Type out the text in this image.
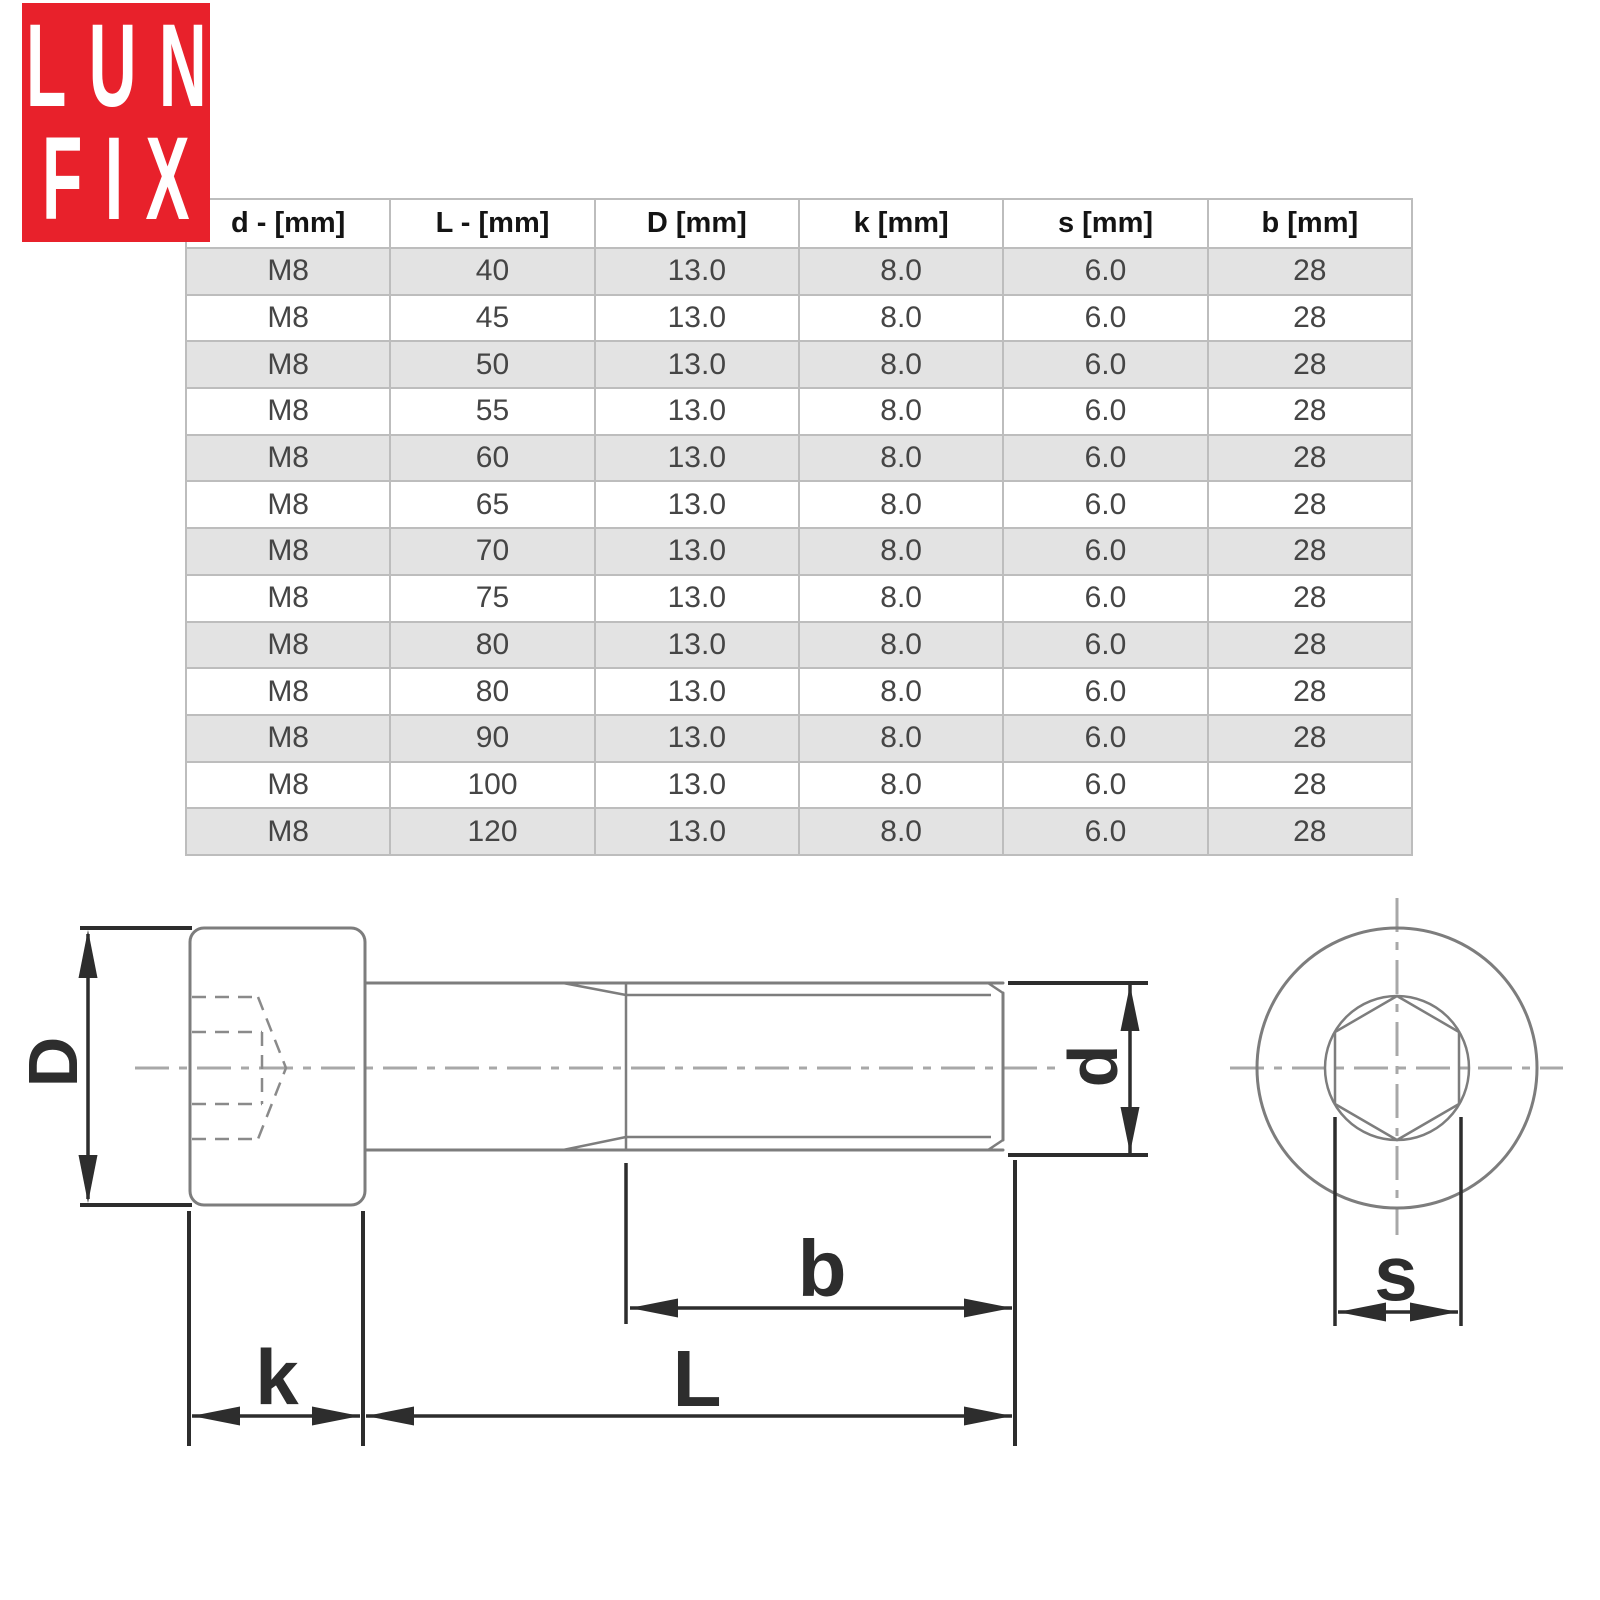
LUN
FIX d - [mm]	L - [mm]	D [mm]	k [mm]	s [mm]	b [mm]
M8	40	13.0	8.0	6.0	28
M8	45	13.0	8.0	6.0	28
M8	50	13.0	8.0	6.0	28
M8	55	13.0	8.0	6.0	28
M8	60	13.0	8.0	6.0	28
M8	65	13.0	8.0	6.0	28
M8	70	13.0	8.0	6.0	28
M8	75	13.0	8.0	6.0	28
M8	80	13.0	8.0	6.0	28
M8	80	13.0	8.0	6.0	28
M8	90	13.0	8.0	6.0	28
M8	100	13.0	8.0	6.0	28
M8	120	13.0	8.0	6.0	28
D	d
k
b
L
s
